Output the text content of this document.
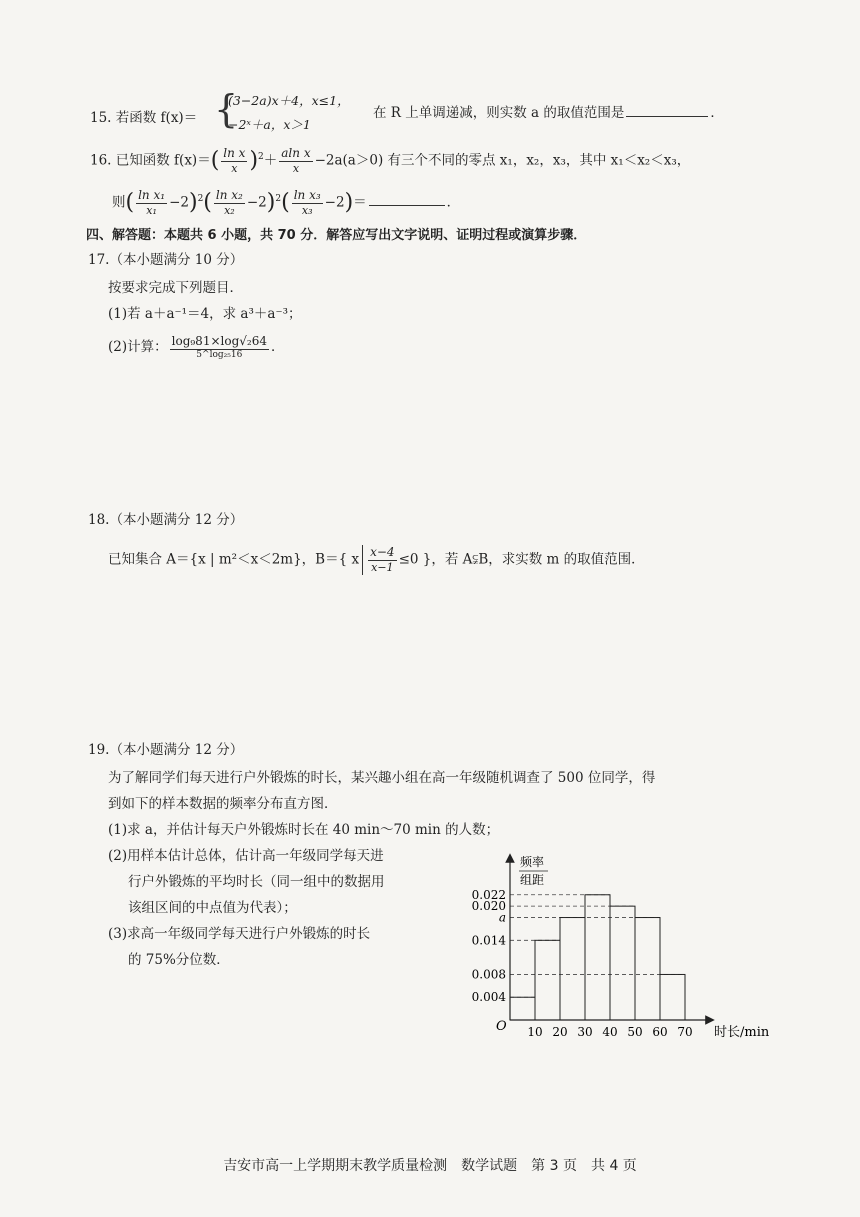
15. 若函数 f(x)＝ {
(3−2a)x＋4，x≤1，
−2ˣ＋a，x＞1
在 R 上单调递减，则实数 a 的取值范围是	．
16. 已知函数 $f(x)=( \frac{\text{ln x}}{x} )^2+ \frac{\text{aln x}}{x} -2a(a>0)$ 有三个不同的零点 x₁，x₂，x₃，其中 x₁＜x₂＜x₃，
则( $\frac{\text{ln x₁}}{\text{x₁}} -2)^2( \frac{\text{ln x₂}}{\text{x₂}} -2)^2( \frac{\text{ln x₃}}{\text{x₃}} -2)=$	．
四、解答题：本题共 6 小题，共 70 分．解答应写出文字说明、证明过程或演算步骤．
17.（本小题满分 10 分）
按要求完成下列题目．
(1)若 a＋a⁻¹＝4，求 a³＋a⁻³；
(2)计算： $\frac{\text{log₉81×log√₂64}}{\text{5\textasciicircum{}log₂₅16}}$ ．
18.（本小题满分 12 分）
已知集合 A＝{x | m²＜x＜2m}，B＝{ x $\frac{x-4}{x-1} \le 0$ }，若 A⫋B，求实数 m 的取值范围．
19.（本小题满分 12 分）
为了解同学们每天进行户外锻炼的时长，某兴趣小组在高一年级随机调查了 500 位同学，得
到如下的样本数据的频率分布直方图．
(1)求 a，并估计每天户外锻炼时长在 40 min～70 min 的人数；
(2)用样本估计总体，估计高一年级同学每天进
行户外锻炼的平均时长（同一组中的数据用
该组区间的中点值为代表）；
(3)求高一年级同学每天进行户外锻炼的时长
的 75%分位数．
频率
组距
O	时长/min
10 20 30 40 50 60 70
0.022
0.020
a
0.014
0.008
0.004
吉安市高一上学期期末教学质量检测　数学试题　第 3 页　共 4 页
